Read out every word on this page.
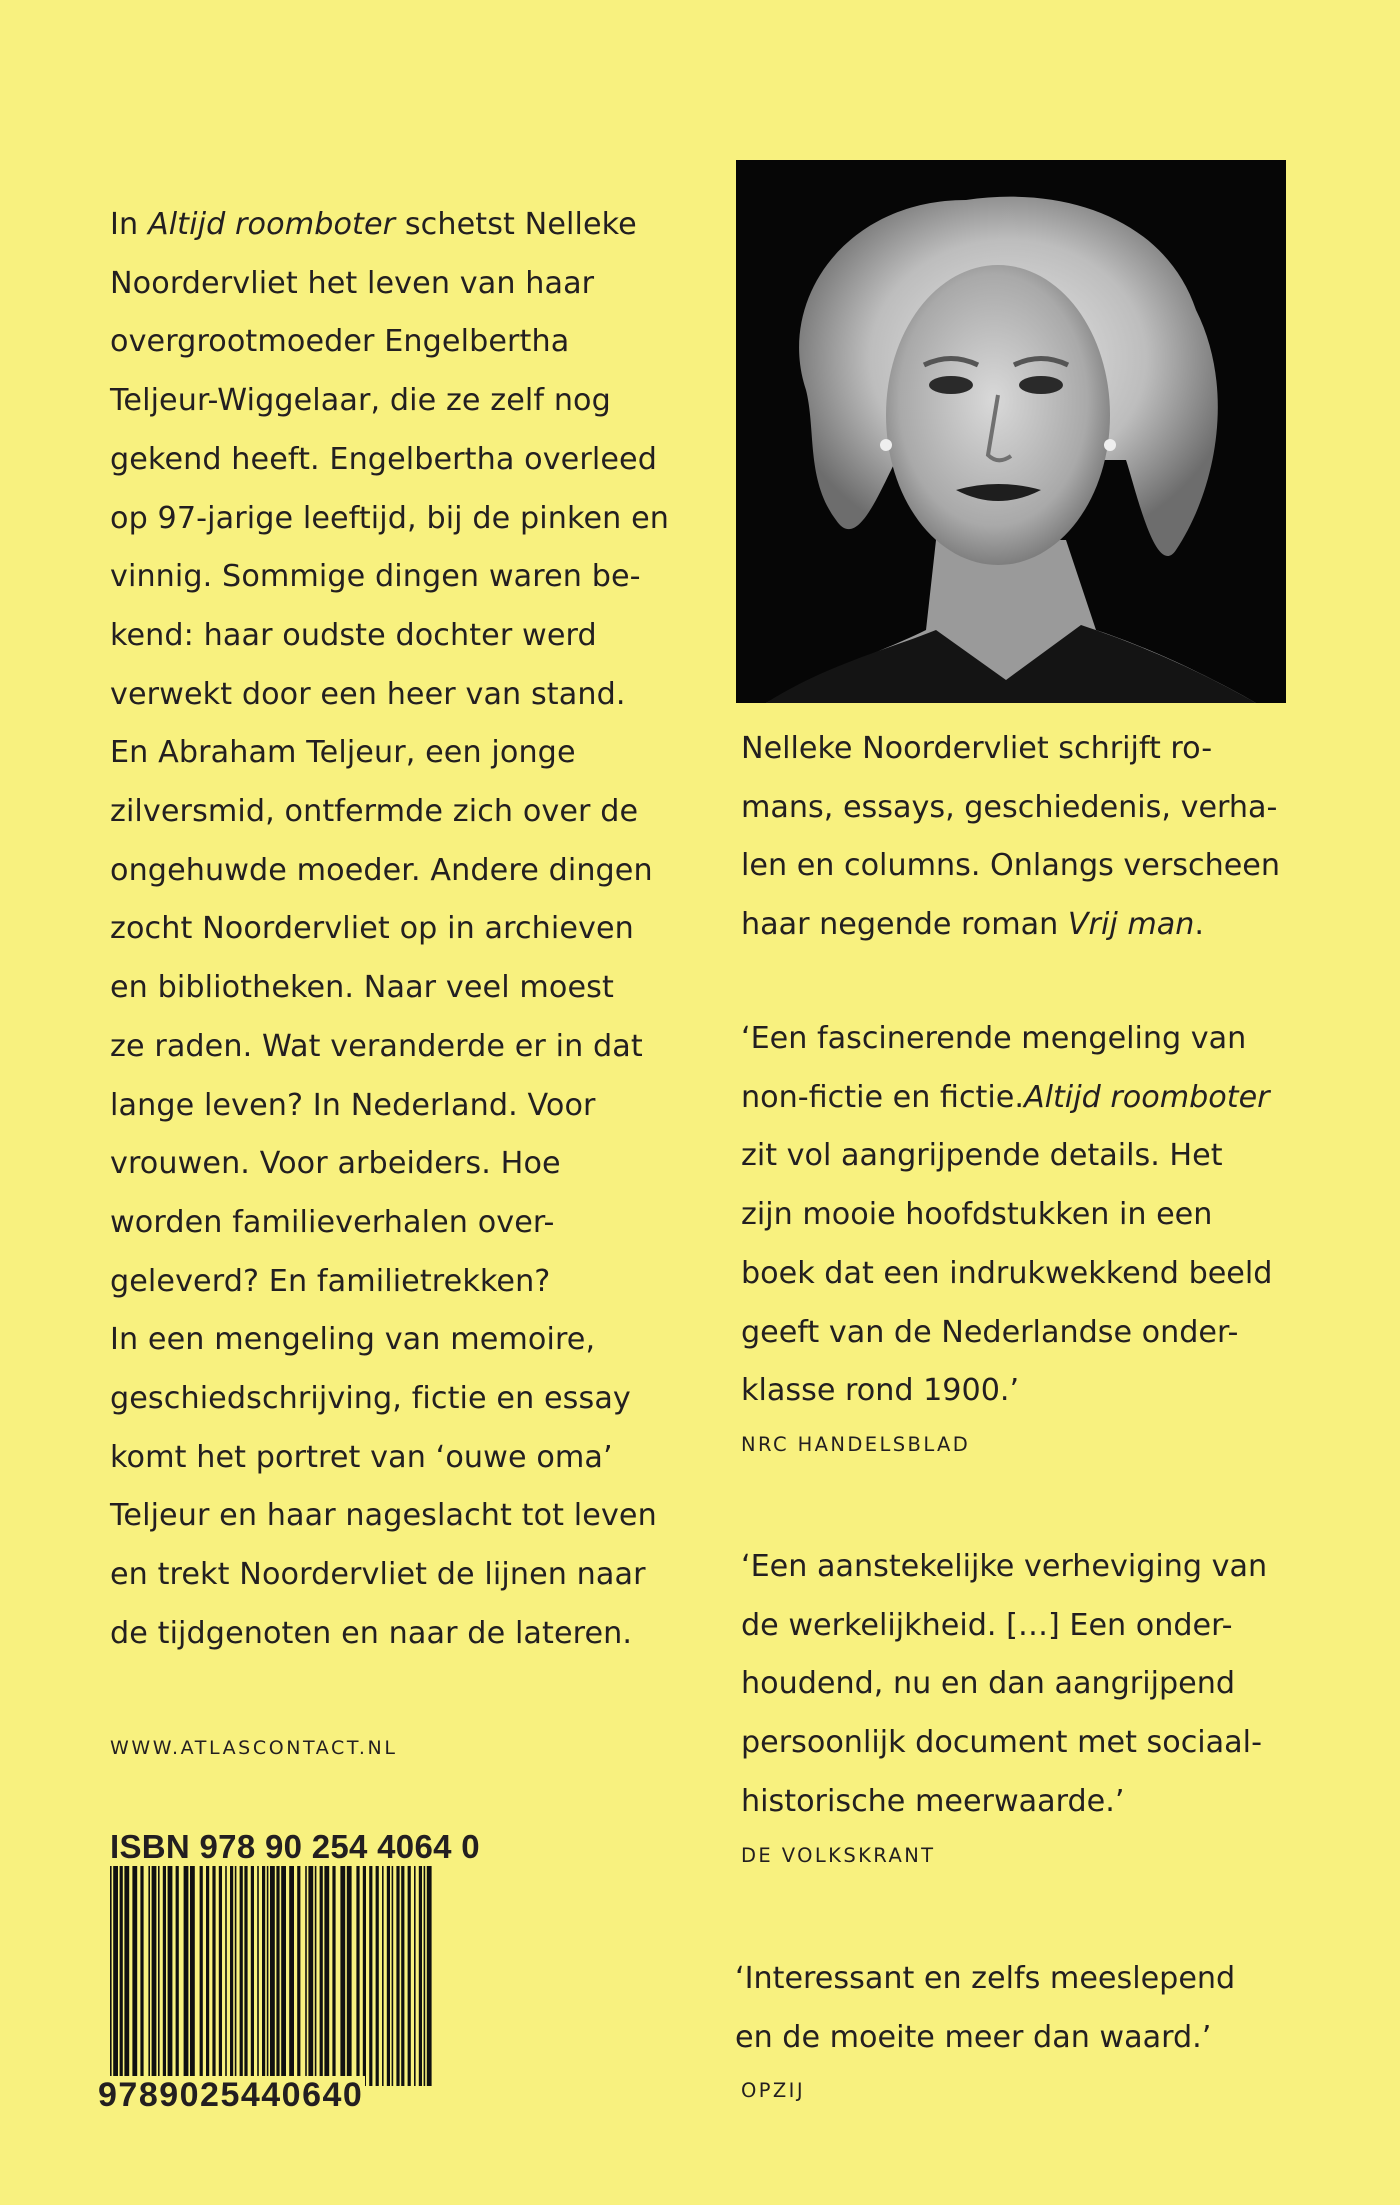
In Altijd roomboter schetst Nelleke
Noordervliet het leven van haar
overgrootmoeder Engelbertha
Teljeur-Wiggelaar, die ze zelf nog
gekend heeft. Engelbertha overleed
op 97-jarige leeftijd, bij de pinken en
vinnig. Sommige dingen waren be-
kend: haar oudste dochter werd
verwekt door een heer van stand.
En Abraham Teljeur, een jonge
zilversmid, ontfermde zich over de
ongehuwde moeder. Andere dingen
zocht Noordervliet op in archieven
en bibliotheken. Naar veel moest
ze raden. Wat veranderde er in dat
lange leven? In Nederland. Voor
vrouwen. Voor arbeiders. Hoe
worden familieverhalen over-
geleverd? En familietrekken?
In een mengeling van memoire,
geschiedschrijving, fictie en essay
komt het portret van ‘ouwe oma’
Teljeur en haar nageslacht tot leven
en trekt Noordervliet de lijnen naar
de tijdgenoten en naar de lateren.

WWW.ATLASCONTACT.NL
ISBN 978 90 254 4064 0
9789025440640

Nelleke Noordervliet schrijft ro-
mans, essays, geschiedenis, verha-
len en columns. Onlangs verscheen
haar negende roman Vrij man.

‘Een fascinerende mengeling van
non-fictie en fictie.Altijd roomboter
zit vol aangrijpende details. Het
zijn mooie hoofdstukken in een
boek dat een indrukwekkend beeld
geeft van de Nederlandse onder-
klasse rond 1900.’

NRC HANDELSBLAD

‘Een aanstekelijke verheviging van
de werkelijkheid. […] Een onder-
houdend, nu en dan aangrijpend
persoonlijk document met sociaal-
historische meerwaarde.’

DE VOLKSKRANT

‘Interessant en zelfs meeslepend
en de moeite meer dan waard.’

OPZIJ
